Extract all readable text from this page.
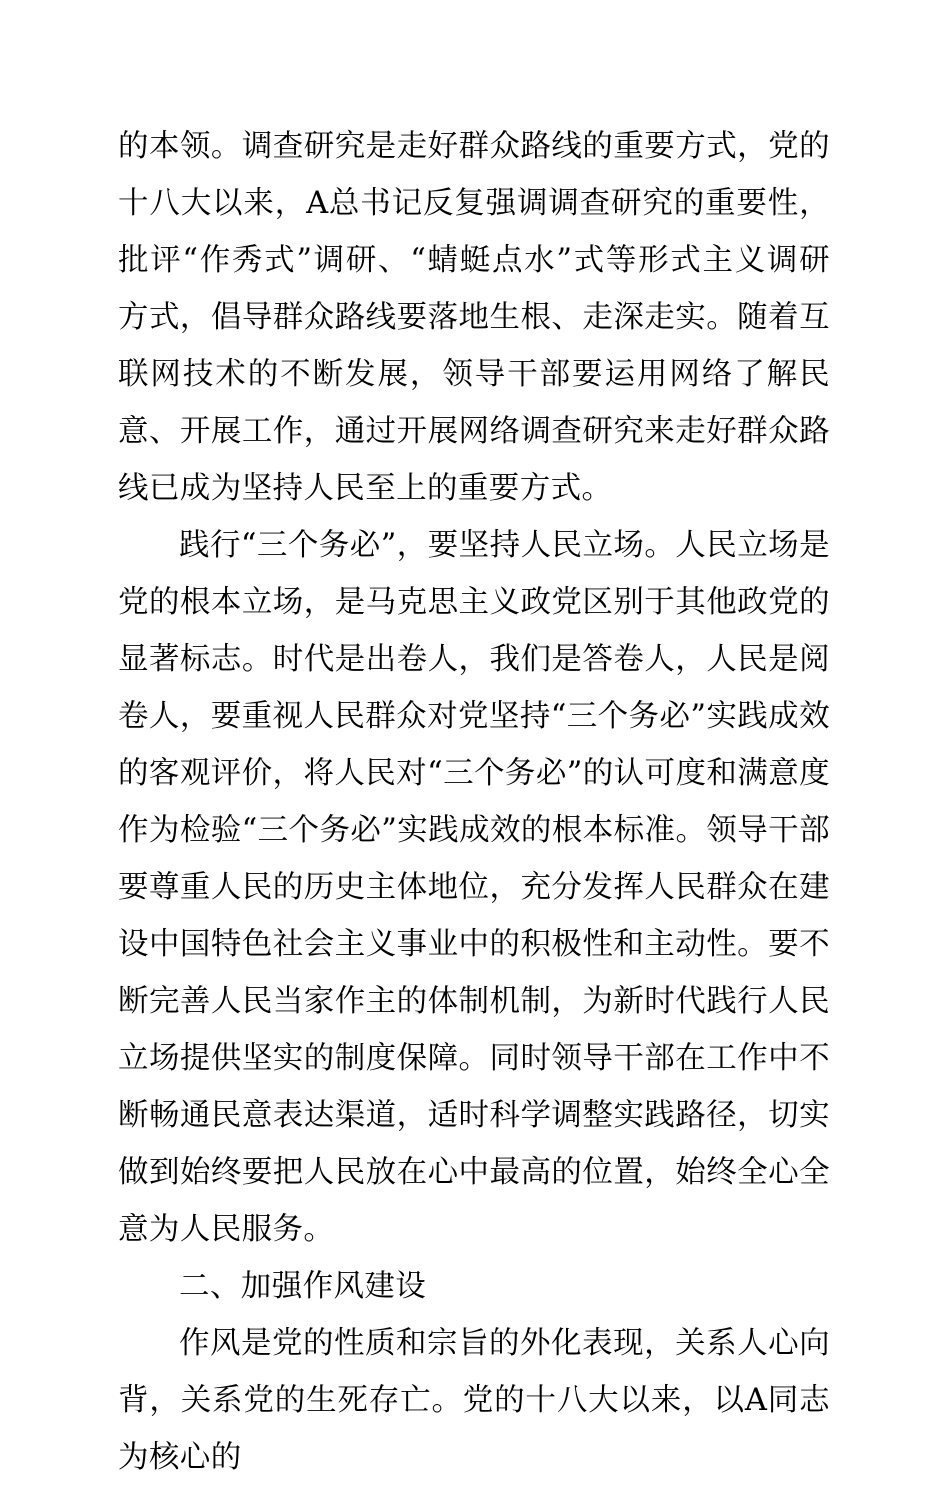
的本领。调查研究是走好群众路线的重要方式，党的十八大以来，A总书记反复强调调查研究的重要性，批评“作秀式”调研、“蜻蜓点水”式等形式主义调研方式，倡导群众路线要落地生根、走深走实。随着互联网技术的不断发展，领导干部要运用网络了解民意、开展工作，通过开展网络调查研究来走好群众路线已成为坚持人民至上的重要方式。

践行“三个务必”，要坚持人民立场。人民立场是党的根本立场，是马克思主义政党区别于其他政党的显著标志。时代是出卷人，我们是答卷人，人民是阅卷人，要重视人民群众对党坚持“三个务必”实践成效的客观评价，将人民对“三个务必”的认可度和满意度作为检验“三个务必”实践成效的根本标准。领导干部要尊重人民的历史主体地位，充分发挥人民群众在建设中国特色社会主义事业中的积极性和主动性。要不断完善人民当家作主的体制机制，为新时代践行人民立场提供坚实的制度保障。同时领导干部在工作中不断畅通民意表达渠道，适时科学调整实践路径，切实做到始终要把人民放在心中最高的位置，始终全心全意为人民服务。

二、加强作风建设

作风是党的性质和宗旨的外化表现，关系人心向背，关系党的生死存亡。党的十八大以来，以A同志为核心的
